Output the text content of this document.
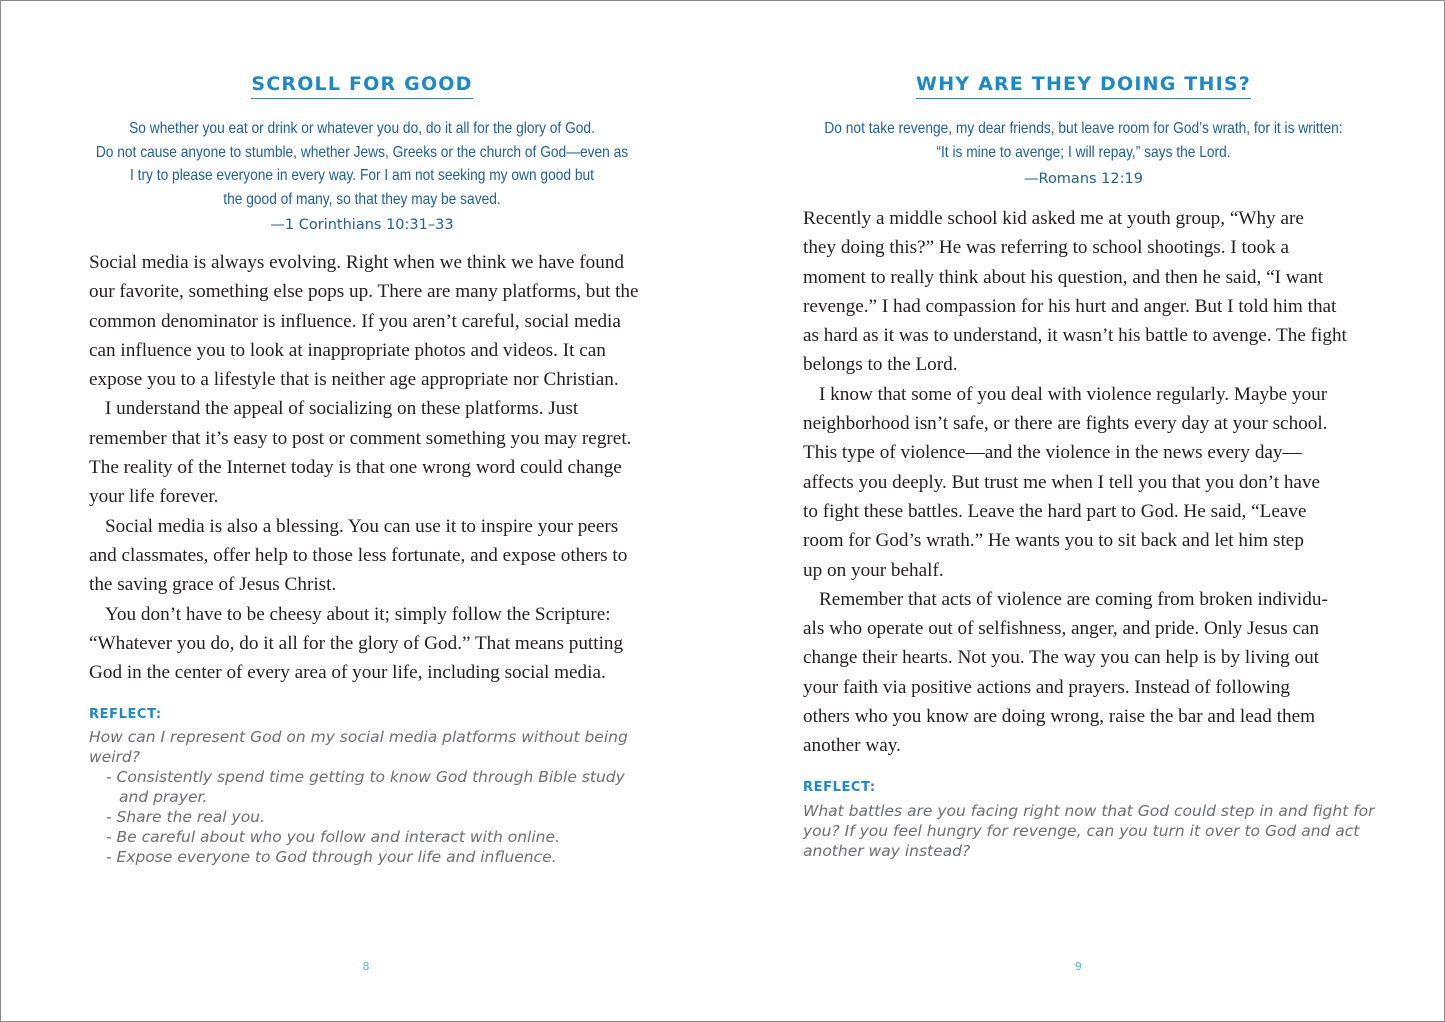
SCROLL FOR GOOD
So whether you eat or drink or whatever you do, do it all for the glory of God.
Do not cause anyone to stumble, whether Jews, Greeks or the church of God—even as
I try to please everyone in every way. For I am not seeking my own good but
the good of many, so that they may be saved.
—1 Corinthians 10:31–33
Social media is always evolving. Right when we think we have found
our favorite, something else pops up. There are many platforms, but the
common denominator is influence. If you aren’t careful, social media
can influence you to look at inappropriate photos and videos. It can
expose you to a lifestyle that is neither age appropriate nor Christian.
I understand the appeal of socializing on these platforms. Just
remember that it’s easy to post or comment something you may regret.
The reality of the Internet today is that one wrong word could change
your life forever.
Social media is also a blessing. You can use it to inspire your peers
and classmates, offer help to those less fortunate, and expose others to
the saving grace of Jesus Christ.
You don’t have to be cheesy about it; simply follow the Scripture:
“Whatever you do, do it all for the glory of God.” That means putting
God in the center of every area of your life, including social media.
REFLECT:
How can I represent God on my social media platforms without being
weird?
- Consistently spend time getting to know God through Bible study
and prayer.
- Share the real you.
- Be careful about who you follow and interact with online.
- Expose everyone to God through your life and influence.
8
WHY ARE THEY DOING THIS?
Do not take revenge, my dear friends, but leave room for God’s wrath, for it is written:
“It is mine to avenge; I will repay,” says the Lord.
—Romans 12:19
Recently a middle school kid asked me at youth group, “Why are
they doing this?” He was referring to school shootings. I took a
moment to really think about his question, and then he said, “I want
revenge.” I had compassion for his hurt and anger. But I told him that
as hard as it was to understand, it wasn’t his battle to avenge. The fight
belongs to the Lord.
I know that some of you deal with violence regularly. Maybe your
neighborhood isn’t safe, or there are fights every day at your school.
This type of violence—and the violence in the news every day—
affects you deeply. But trust me when I tell you that you don’t have
to fight these battles. Leave the hard part to God. He said, “Leave
room for God’s wrath.” He wants you to sit back and let him step
up on your behalf.
Remember that acts of violence are coming from broken individu-
als who operate out of selfishness, anger, and pride. Only Jesus can
change their hearts. Not you. The way you can help is by living out
your faith via positive actions and prayers. Instead of following
others who you know are doing wrong, raise the bar and lead them
another way.
REFLECT:
What battles are you facing right now that God could step in and fight for
you? If you feel hungry for revenge, can you turn it over to God and act
another way instead?
9
